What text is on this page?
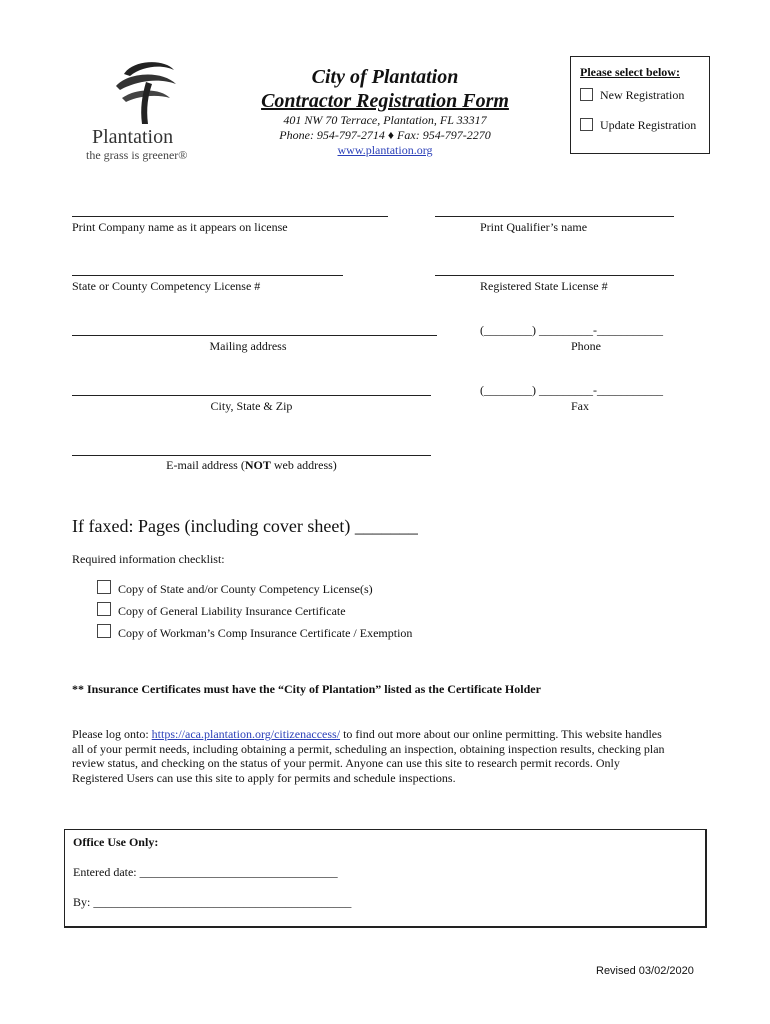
Plantation
the grass is greener®
City of Plantation
Contractor Registration Form
401 NW 70 Terrace, Plantation, FL 33317
Phone: 954-797-2714 ♦ Fax: 954-797-2270
www.plantation.org
Please select below:
New Registration
Update Registration
Print Company name as it appears on license	Print Qualifier’s name
State or County Competency License #	Registered State License #
Mailing address
(________) _________-___________
Phone
City, State & Zip
(________) _________-___________
Fax
E-mail address (NOT web address)
If faxed: Pages (including cover sheet) _______
Required information checklist:
Copy of State and/or County Competency License(s)
Copy of General Liability Insurance Certificate
Copy of Workman’s Comp Insurance Certificate / Exemption
** Insurance Certificates must have the “City of Plantation” listed as the Certificate Holder
Please log onto: https://aca.plantation.org/citizenaccess/ to find out more about our online permitting. This website handles
all of your permit needs, including obtaining a permit, scheduling an inspection, obtaining inspection results, checking plan
review status, and checking on the status of your permit. Anyone can use this site to research permit records. Only
Registered Users can use this site to apply for permits and schedule inspections.
Office Use Only:
Entered date: _________________________________
By: ___________________________________________
Revised 03/02/2020
